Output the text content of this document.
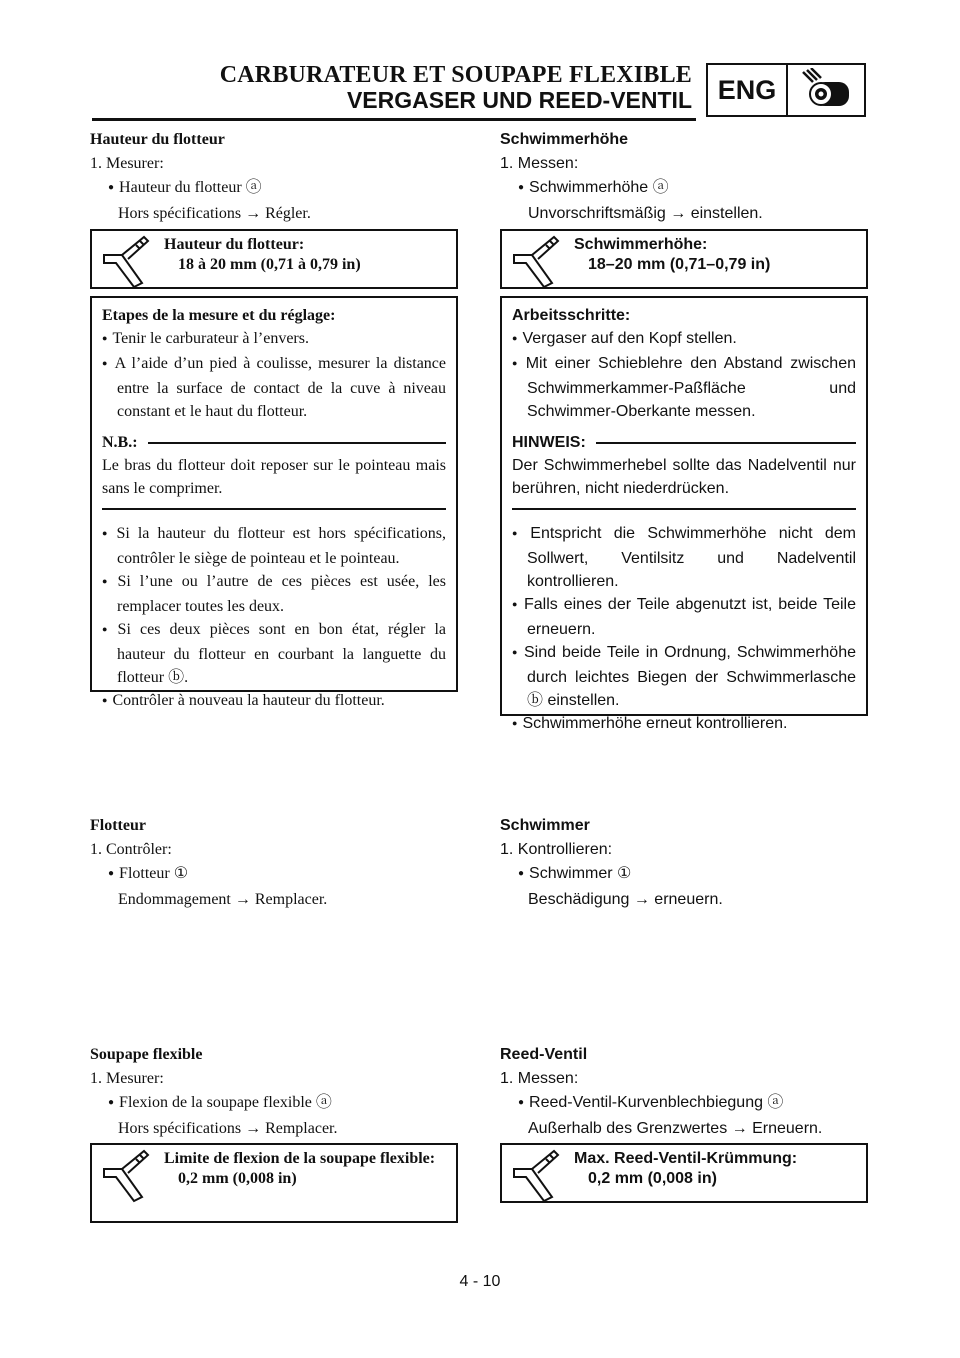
CARBURATEUR ET SOUPAPE FLEXIBLE
VERGASER UND REED-VENTIL ENG
Hauteur du flotteur
1. Mesurer:
● Hauteur du flotteur ⓐ
Hors spécifications → Régler.
Hauteur du flotteur:
18 à 20 mm (0,71 à 0,79 in)

Etapes de la mesure et du réglage:

● Tenir le carburateur à l’envers.

● A l’aide d’un pied à coulisse, mesurer la distance entre la surface de contact de la cuve à niveau constant et le haut du flotteur.

N.B.:

Le bras du flotteur doit reposer sur le pointeau mais sans le comprimer.

● Si la hauteur du flotteur est hors spécifications, contrôler le siège de pointeau et le pointeau.

● Si l’une ou l’autre de ces pièces est usée, les remplacer toutes les deux.

● Si ces deux pièces sont en bon état, régler la hauteur du flotteur en courbant la languette du flotteur ⓑ.

● Contrôler à nouveau la hauteur du flotteur.

Flotteur
1. Contrôler:
● Flotteur ①
Endommagement → Remplacer.
Soupape flexible
1. Mesurer:
● Flexion de la soupape flexible ⓐ
Hors spécifications → Remplacer.
Limite de flexion de la soupape flexible:
0,2 mm (0,008 in)
Schwimmerhöhe
1. Messen:
● Schwimmerhöhe ⓐ
Unvorschriftsmäßig → einstellen.
Schwimmerhöhe:
18–20 mm (0,71–0,79 in)

Arbeitsschritte:

● Vergaser auf den Kopf stellen.

● Mit einer Schieblehre den Abstand zwischen Schwimmerkammer-Paßfläche und Schwimmer-Oberkante messen.

HINWEIS:

Der Schwimmerhebel sollte das Nadelventil nur berühren, nicht niederdrücken.

● Entspricht die Schwimmerhöhe nicht dem Sollwert, Ventilsitz und Nadelventil kontrollieren.

● Falls eines der Teile abgenutzt ist, beide Teile erneuern.

● Sind beide Teile in Ordnung, Schwimmerhöhe durch leichtes Biegen der Schwimmerlasche ⓑ einstellen.

● Schwimmerhöhe erneut kontrollieren.

Schwimmer
1. Kontrollieren:
● Schwimmer ①
Beschädigung → erneuern.
Reed-Ventil
1. Messen:
● Reed-Ventil-Kurvenblechbiegung ⓐ
Außerhalb des Grenzwertes → Erneuern.
Max. Reed-Ventil-Krümmung:
0,2 mm (0,008 in)
4 - 10
